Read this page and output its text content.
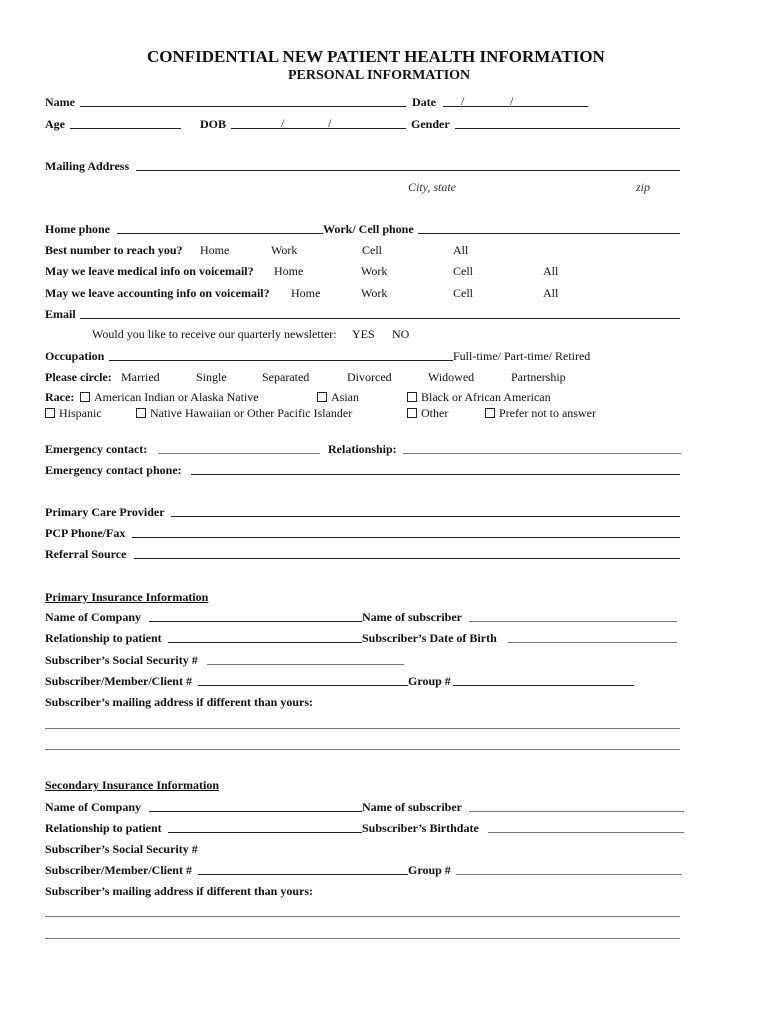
CONFIDENTIAL NEW PATIENT HEALTH INFORMATION
PERSONAL INFORMATION
Name	Date /	/
Age	DOB	/	/	Gender
Mailing Address
City, state	zip
Home phone	Work/ Cell phone
Best number to reach you? Home	Work	Cell	All
May we leave medical info on voicemail? Home	Work	Cell	All
May we leave accounting info on voicemail? Home	Work	Cell	All
Email
Would you like to receive our quarterly newsletter: YES NO
Occupation	Full-time/ Part-time/ Retired
Please circle: Married	Single	Separated	Divorced	Widowed	Partnership
Race:	American Indian or Alaska Native	Asian	Black or African American
Hispanic	Native Hawaiian or Other Pacific Islander	Other	Prefer not to answer
Emergency contact:	Relationship:
Emergency contact phone:
Primary Care Provider
PCP Phone/Fax
Referral Source
Primary Insurance Information
Name of Company	Name of subscriber
Relationship to patient	Subscriber’s Date of Birth
Subscriber’s Social Security #
Subscriber/Member/Client #	Group #
Subscriber’s mailing address if different than yours:
Secondary Insurance Information
Name of Company	Name of subscriber
Relationship to patient	Subscriber’s Birthdate
Subscriber’s Social Security #
Subscriber/Member/Client #	Group #
Subscriber’s mailing address if different than yours:
